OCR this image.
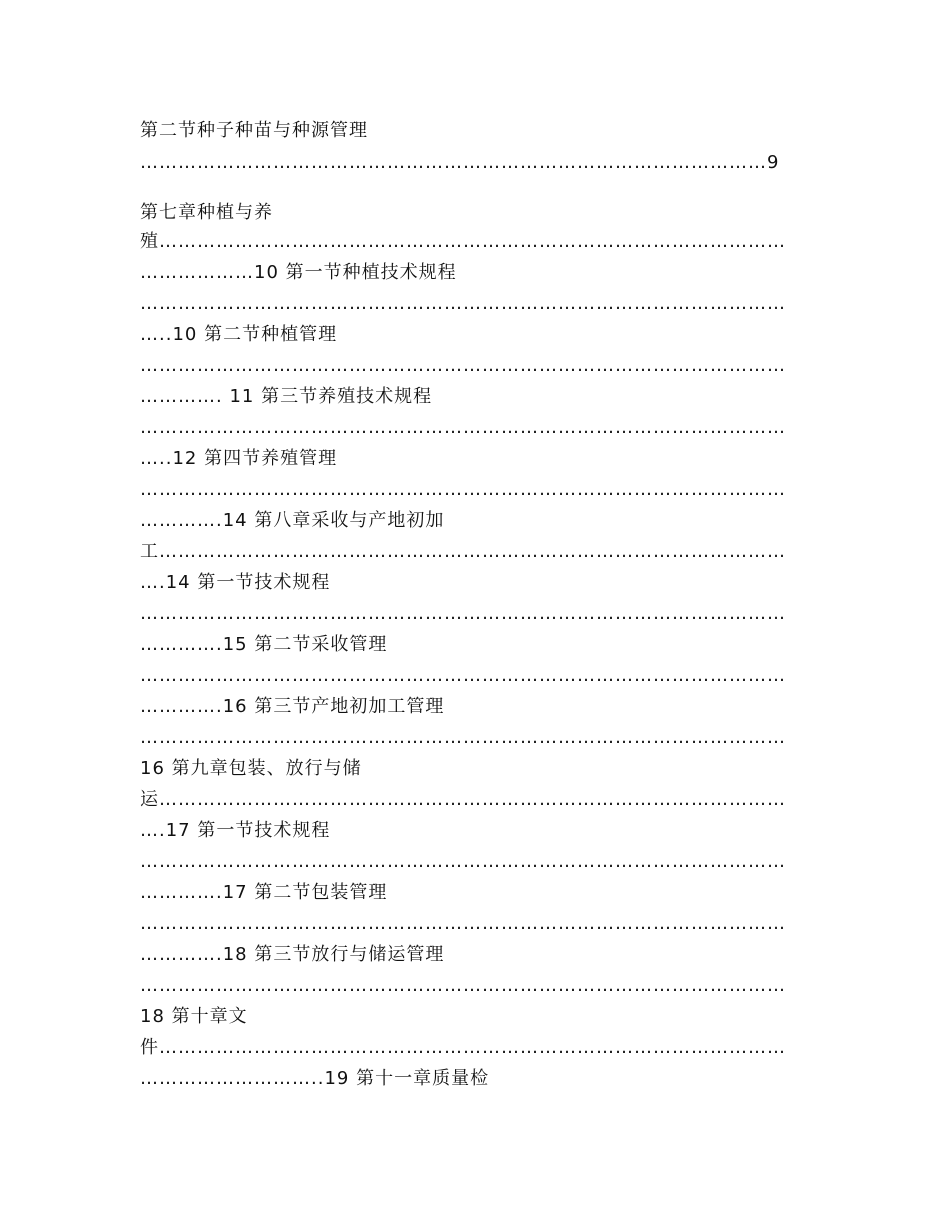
第二节种子种苗与种源管理
………………………………………………………………………………………9
第七章种植与养
殖………………………………………………………………………………………
………………10 第一节种植技术规程
…………………………………………………………………………………………
…..10 第二节种植管理
…………………………………………………………………………………………
…………. 11 第三节养殖技术规程
…………………………………………………………………………………………
…..12 第四节养殖管理
…………………………………………………………………………………………
………….14 第八章采收与产地初加
工………………………………………………………………………………………
….14 第一节技术规程
…………………………………………………………………………………………
………….15 第二节采收管理
…………………………………………………………………………………………
………….16 第三节产地初加工管理
…………………………………………………………………………………………
16 第九章包装、放行与储
运………………………………………………………………………………………
….17 第一节技术规程
…………………………………………………………………………………………
………….17 第二节包装管理
…………………………………………………………………………………………
………….18 第三节放行与储运管理
…………………………………………………………………………………………
18 第十章文
件………………………………………………………………………………………
………………………..19 第十一章质量检
